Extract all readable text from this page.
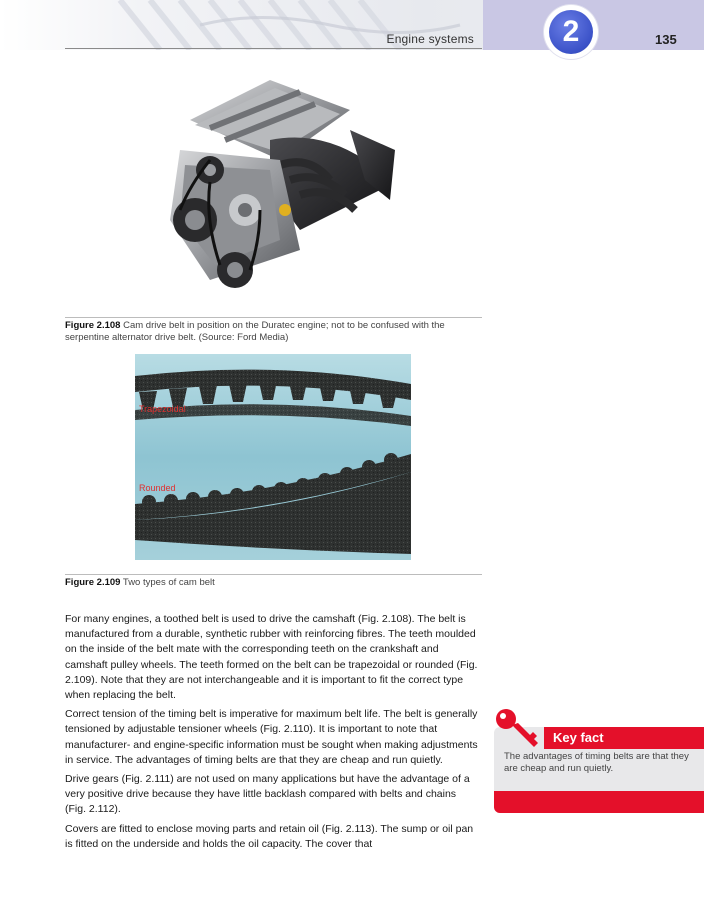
Engine systems	2	135
Figure 2.108 Cam drive belt in position on the Duratec engine; not to be confused with the serpentine alternator drive belt. (Source: Ford Media)
Trapezoidal
Rounded
Figure 2.109 Two types of cam belt

For many engines, a toothed belt is used to drive the camshaft (Fig. 2.108). The belt is manufactured from a durable, synthetic rubber with reinforcing fibres. The teeth moulded on the inside of the belt mate with the corresponding teeth on the crankshaft and camshaft pulley wheels. The teeth formed on the belt can be trapezoidal or rounded (Fig. 2.109). Note that they are not interchangeable and it is important to fit the correct type when replacing the belt.

Correct tension of the timing belt is imperative for maximum belt life. The belt is generally tensioned by adjustable tensioner wheels (Fig. 2.110). It is important to note that manufacturer- and engine-specific information must be sought when making adjustments in service. The advantages of timing belts are that they are cheap and run quietly.

Drive gears (Fig. 2.111) are not used on many applications but have the advantage of a very positive drive because they have little backlash compared with belts and chains (Fig. 2.112).

Covers are fitted to enclose moving parts and retain oil (Fig. 2.113). The sump or oil pan is fitted on the underside and holds the oil capacity. The cover that

Key fact
The advantages of timing belts are that they are cheap and run quietly.
